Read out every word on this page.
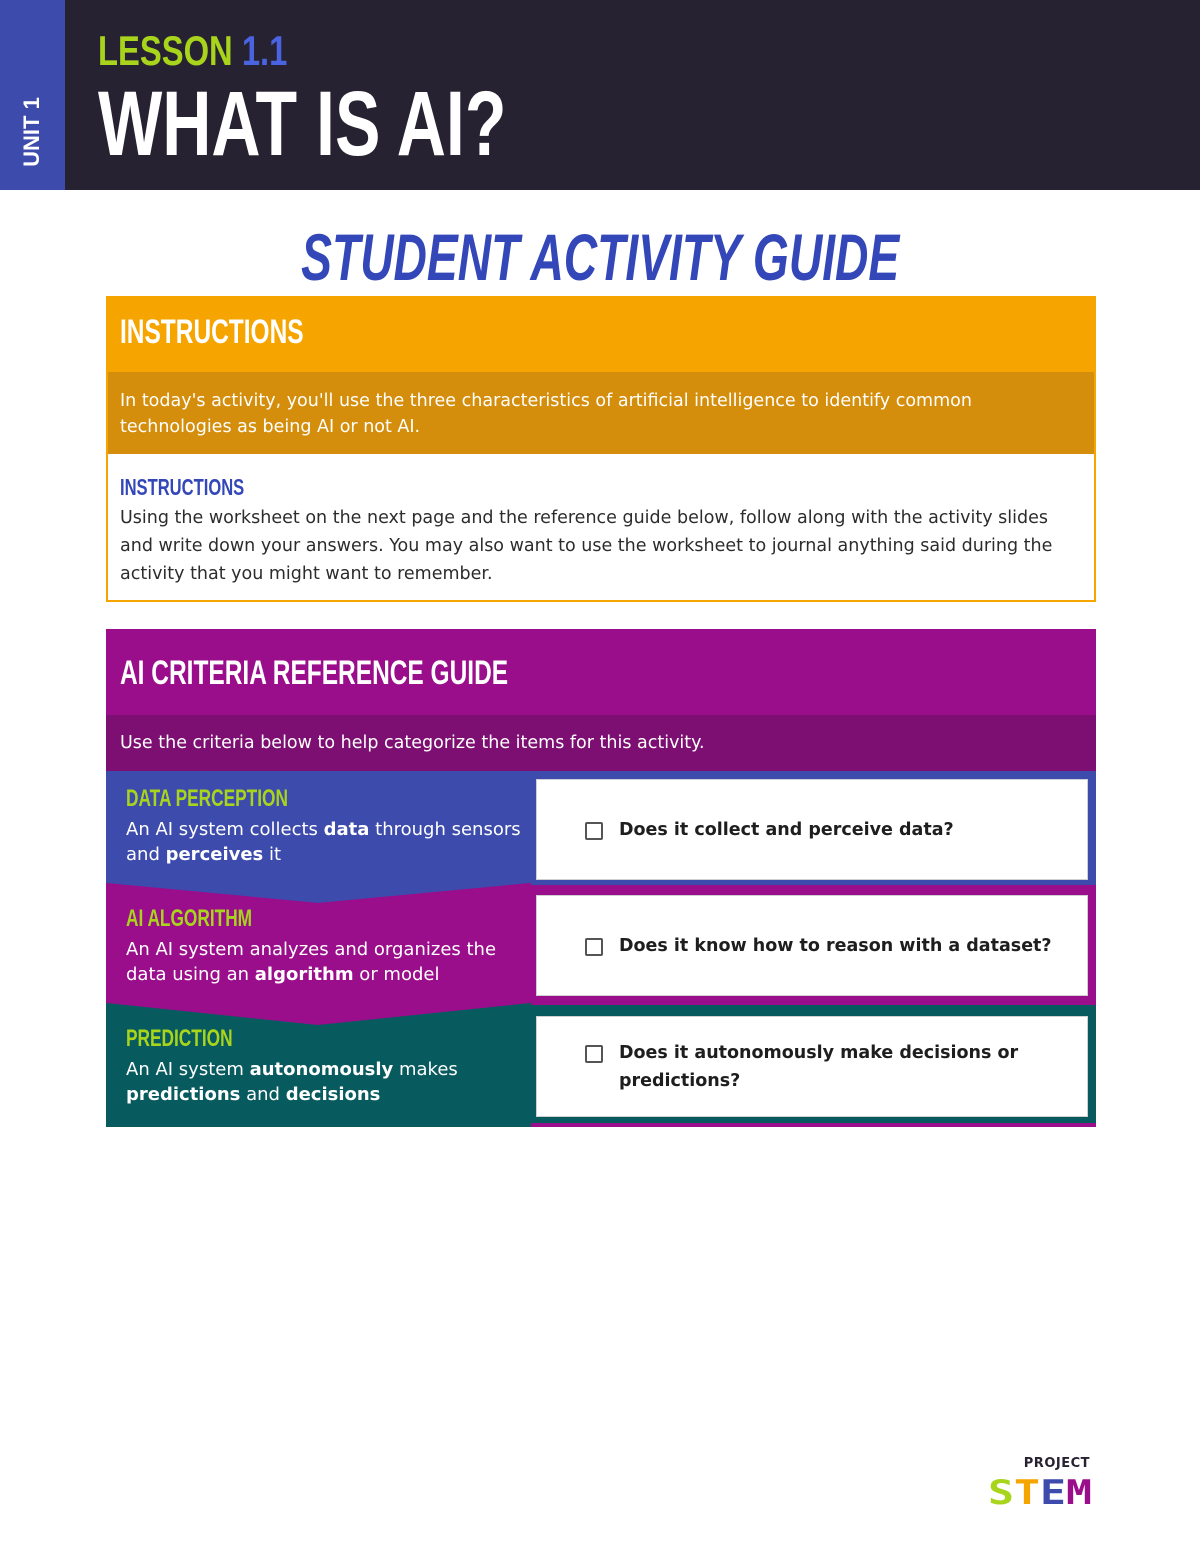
UNIT 1
LESSON 1.1
WHAT IS AI?
STUDENT ACTIVITY GUIDE
INSTRUCTIONS
In today's activity, you'll use the three characteristics of artificial intelligence to identify common technologies as being AI or not AI.
INSTRUCTIONS
Using the worksheet on the next page and the reference guide below, follow along with the activity slides and write down your answers. You may also want to use the worksheet to journal anything said during the activity that you might want to remember.
AI CRITERIA REFERENCE GUIDE
Use the criteria below to help categorize the items for this activity.
DATA PERCEPTION
An AI system collects data through sensors and perceives it
Does it collect and perceive data?
AI ALGORITHM
An AI system analyzes and organizes the data using an algorithm or model
Does it know how to reason with a dataset?
PREDICTION
An AI system autonomously makes predictions and decisions
Does it autonomously make decisions or predictions?
PROJECT
S T E M
